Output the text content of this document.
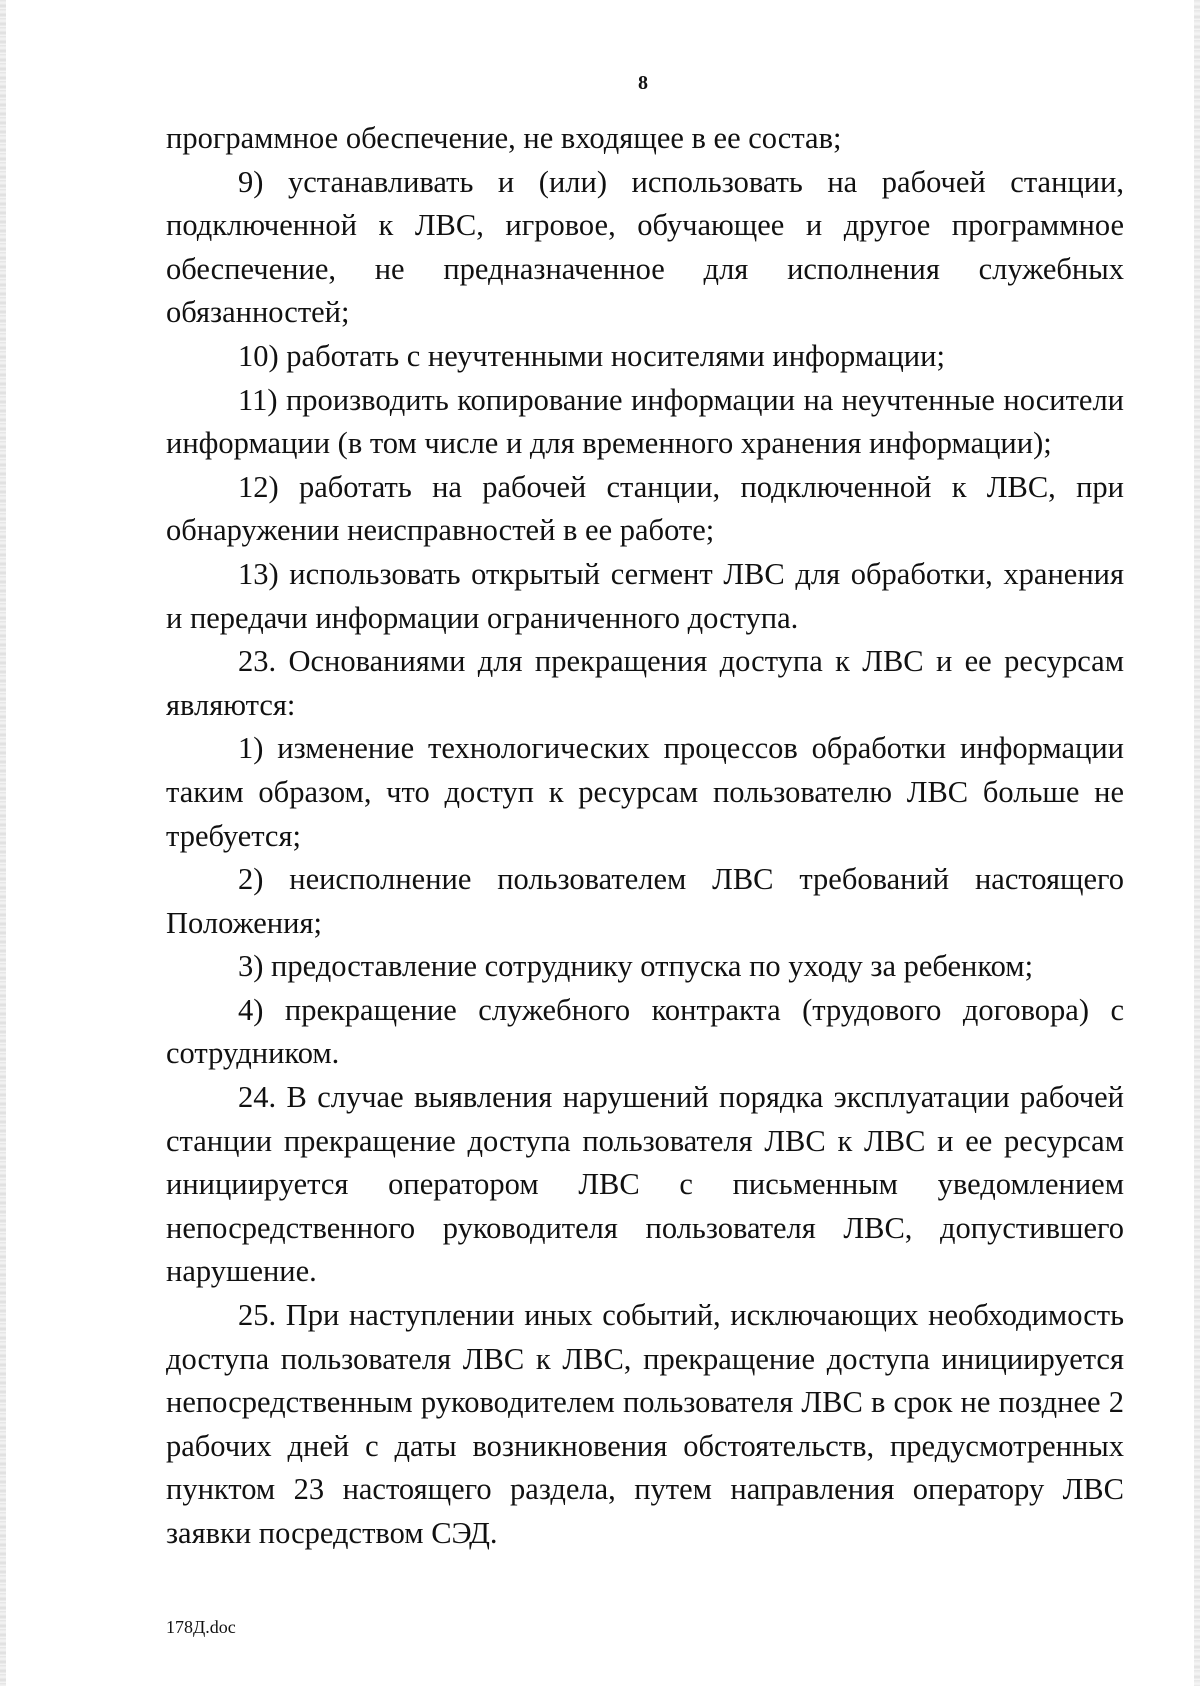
8

программное обеспечение, не входящее в ее состав;

9) устанавливать и (или) использовать на рабочей станции, подключенной к ЛВС, игровое, обучающее и другое программное обеспечение, не предназначенное для исполнения служебных обязанностей;

10) работать с неучтенными носителями информации;

11) производить копирование информации на неучтенные носители информации (в том числе и для временного хранения информации);

12) работать на рабочей станции, подключенной к ЛВС, при обнаружении неисправностей в ее работе;

13) использовать открытый сегмент ЛВС для обработки, хранения и передачи информации ограниченного доступа.

23. Основаниями для прекращения доступа к ЛВС и ее ресурсам являются:

1) изменение технологических процессов обработки информации таким образом, что доступ к ресурсам пользователю ЛВС больше не требуется;

2) неисполнение пользователем ЛВС требований настоящего Положения;

3) предоставление сотруднику отпуска по уходу за ребенком;

4) прекращение служебного контракта (трудового договора) с сотрудником.

24. В случае выявления нарушений порядка эксплуатации рабочей станции прекращение доступа пользователя ЛВС к ЛВС и ее ресурсам инициируется оператором ЛВС с письменным уведомлением непосредственного руководителя пользователя ЛВС, допустившего нарушение.

25. При наступлении иных событий, исключающих необходимость доступа пользователя ЛВС к ЛВС, прекращение доступа инициируется непосредственным руководителем пользователя ЛВС в срок не позднее 2 рабочих дней с даты возникновения обстоятельств, предусмотренных пунктом 23 настоящего раздела, путем направления оператору ЛВС заявки посредством СЭД.

178Д.doc
